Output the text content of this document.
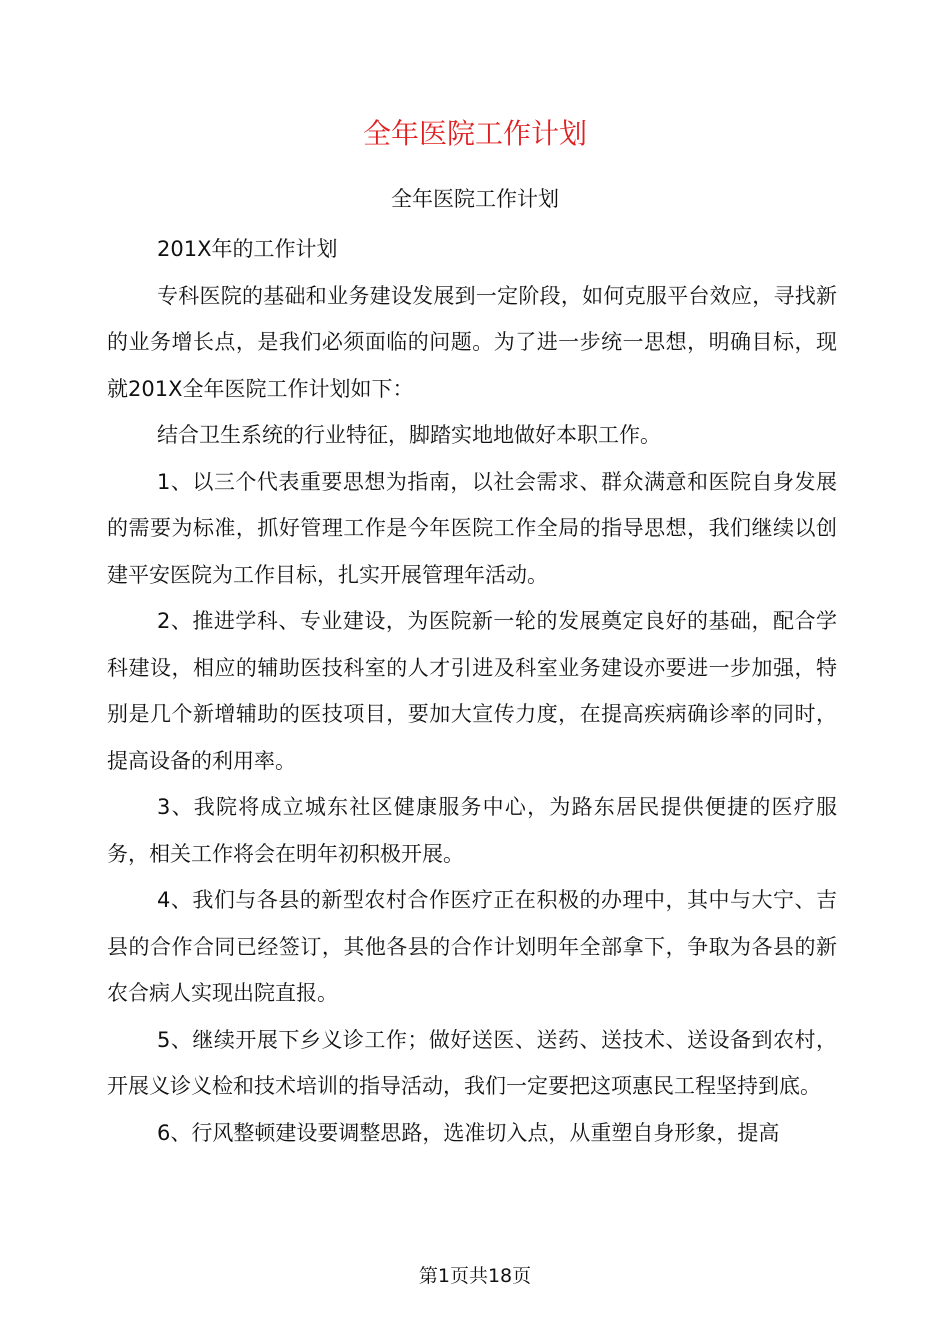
全年医院工作计划
全年医院工作计划

201X年的工作计划

专科医院的基础和业务建设发展到一定阶段，如何克服平台效应，寻找新的业务增长点，是我们必须面临的问题。为了进一步统一思想，明确目标，现就201X全年医院工作计划如下：

结合卫生系统的行业特征，脚踏实地地做好本职工作。

1、以三个代表重要思想为指南，以社会需求、群众满意和医院自身发展的需要为标准，抓好管理工作是今年医院工作全局的指导思想，我们继续以创建平安医院为工作目标，扎实开展管理年活动。

2、推进学科、专业建设，为医院新一轮的发展奠定良好的基础，配合学科建设，相应的辅助医技科室的人才引进及科室业务建设亦要进一步加强，特别是几个新增辅助的医技项目，要加大宣传力度，在提高疾病确诊率的同时，提高设备的利用率。

3、我院将成立城东社区健康服务中心，为路东居民提供便捷的医疗服务，相关工作将会在明年初积极开展。

4、我们与各县的新型农村合作医疗正在积极的办理中，其中与大宁、吉县的合作合同已经签订，其他各县的合作计划明年全部拿下，争取为各县的新农合病人实现出院直报。

5、继续开展下乡义诊工作；做好送医、送药、送技术、送设备到农村，开展义诊义检和技术培训的指导活动，我们一定要把这项惠民工程坚持到底。

6、行风整顿建设要调整思路，选准切入点，从重塑自身形象，提高

第1页共18页
